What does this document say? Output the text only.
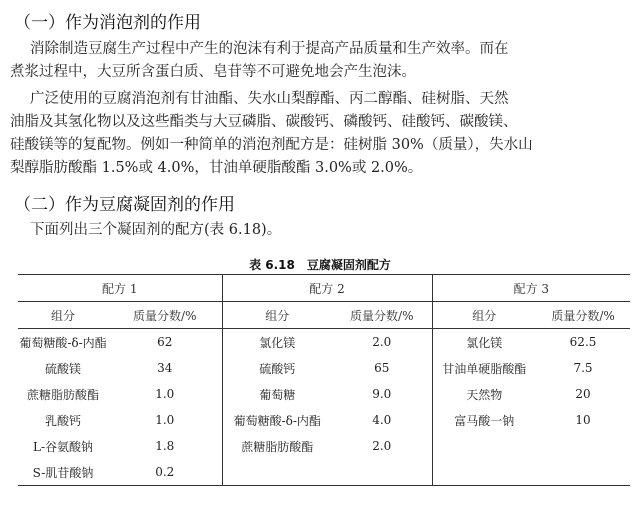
（一）作为消泡剂的作用
消除制造豆腐生产过程中产生的泡沫有利于提高产品质量和生产效率。而在
煮浆过程中，大豆所含蛋白质、皂苷等不可避免地会产生泡沫。
广泛使用的豆腐消泡剂有甘油酯、失水山梨醇酯、丙二醇酯、硅树脂、天然
油脂及其氢化物以及这些酯类与大豆磷脂、碳酸钙、磷酸钙、硅酸钙、碳酸镁、
硅酸镁等的复配物。例如一种简单的消泡剂配方是：硅树脂 30%（质量），失水山
梨醇脂肪酸酯 1.5%或 4.0%，甘油单硬脂酸酯 3.0%或 2.0%。
（二）作为豆腐凝固剂的作用
下面列出三个凝固剂的配方(表 6.18)。
表 6.18　豆腐凝固剂配方
配方 1		配方 2		配方 3	
组分	质量分数/%	组分	质量分数/%	组分	质量分数/%
葡萄糖酸-δ-内酯	62	氯化镁	2.0	氯化镁	62.5
硫酸镁	34	硫酸钙	65	甘油单硬脂酸酯	7.5
蔗糖脂肪酸酯	1.0	葡萄糖	9.0	天然物	20
乳酸钙	1.0	葡萄糖酸-δ-内酯	4.0	富马酸一钠	10
L-谷氨酸钠	1.8	蔗糖脂肪酸酯	2.0		
S-肌苷酸钠	0.2				
